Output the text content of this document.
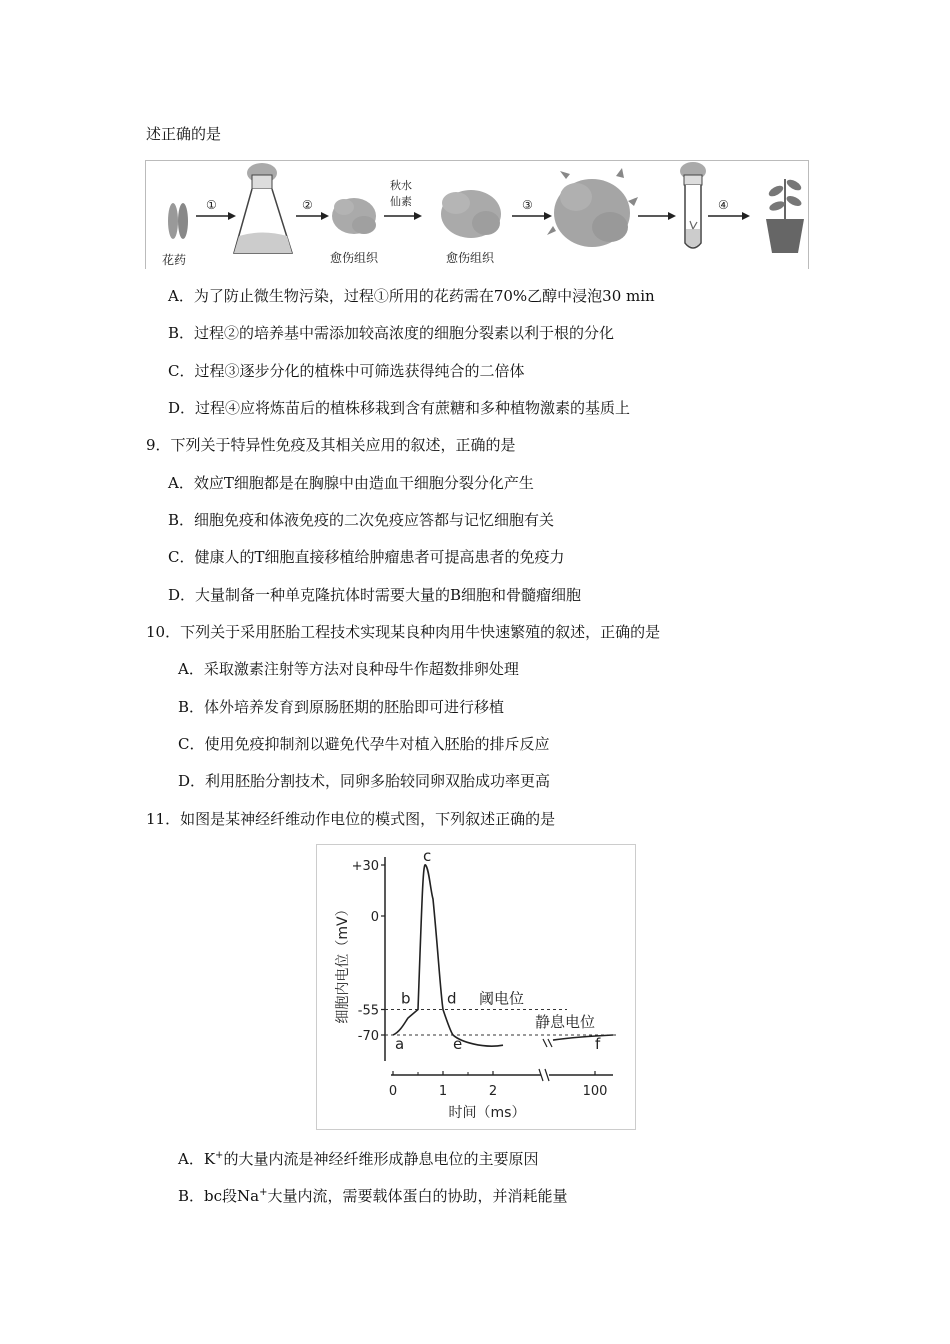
述正确的是
花药
①	②
愈伤组织
秋水
仙素
愈伤组织
③	④
A．为了防止微生物污染，过程①所用的花药需在70%乙醇中浸泡30 min
B．过程②的培养基中需添加较高浓度的细胞分裂素以利于根的分化
C．过程③逐步分化的植株中可筛选获得纯合的二倍体
D．过程④应将炼苗后的植株移栽到含有蔗糖和多种植物激素的基质上
9．下列关于特异性免疫及其相关应用的叙述，正确的是
A．效应T细胞都是在胸腺中由造血干细胞分裂分化产生
B．细胞免疫和体液免疫的二次免疫应答都与记忆细胞有关
C．健康人的T细胞直接移植给肿瘤患者可提高患者的免疫力
D．大量制备一种单克隆抗体时需要大量的B细胞和骨髓瘤细胞
10．下列关于采用胚胎工程技术实现某良种肉用牛快速繁殖的叙述，正确的是
A．采取激素注射等方法对良种母牛作超数排卵处理
B．体外培养发育到原肠胚期的胚胎即可进行移植
C．使用免疫抑制剂以避免代孕牛对植入胚胎的排斥反应
D．利用胚胎分割技术，同卵多胎较同卵双胎成功率更高
11．如图是某神经纤维动作电位的模式图，下列叙述正确的是
+30
0
-55
-70
细胞内电位（mV）	阈电位
静息电位
a
b
c
d
e	f
0	1	2	100
时间（ms）
A．K+的大量内流是神经纤维形成静息电位的主要原因
B．bc段Na+大量内流，需要载体蛋白的协助，并消耗能量
